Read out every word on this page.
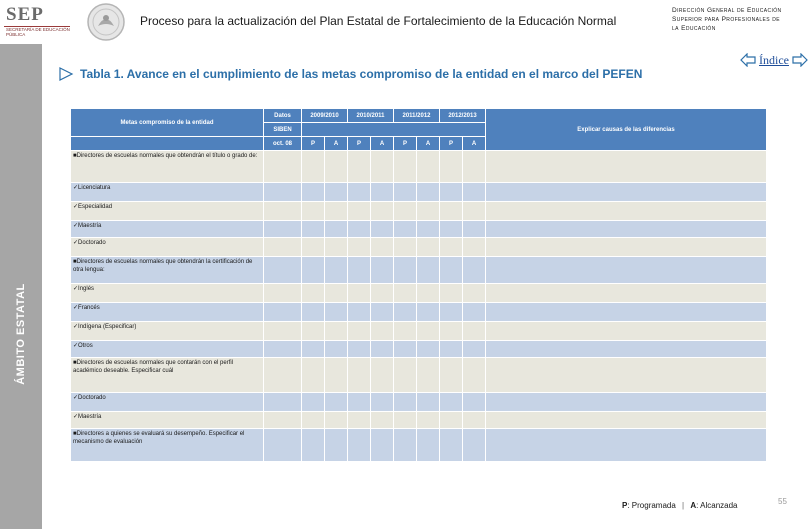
SEP
SECRETARÍA DE EDUCACIÓN PÚBLICA
Proceso para la actualización del Plan Estatal de Fortalecimiento de la Educación Normal
Dirección General de Educación
Superior para Profesionales de
la Educación
ÁMBITO ESTATAL
Índice
Tabla 1. Avance en el cumplimiento de las metas compromiso de la entidad en el marco del PEFEN
Metas compromiso de la entidad	Datos	2009/2010		2010/2011		2011/2012		2012/2013		Explicar causas de las diferencias
	SIBEN									
	oct. 08	P	A	P	A	P	A	P	A	
■Directores de escuelas normales que obtendrán el título o grado de:										
✓Licenciatura										
✓Especialidad										
✓Maestría										
✓Doctorado										
■Directores de escuelas normales que obtendrán la certificación de otra lengua:										
✓Inglés										
✓Francés										
✓Indígena (Especificar)										
✓Otros										
■Directores de escuelas normales que contarán con el perfil académico deseable. Especificar cuál										
✓Doctorado										
✓Maestría										
■Directores a quienes se evaluará su desempeño. Especificar el mecanismo de evaluación										
P: Programada | A: Alcanzada	55
